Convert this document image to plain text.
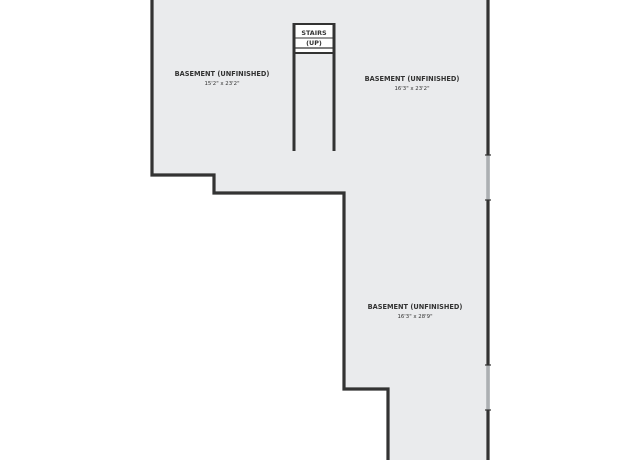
STAIRS
(UP)
BASEMENT (UNFINISHED)
15'2" x 23'2"
BASEMENT (UNFINISHED)
16'3" x 23'2"
BASEMENT (UNFINISHED)
16'3" x 28'9"
